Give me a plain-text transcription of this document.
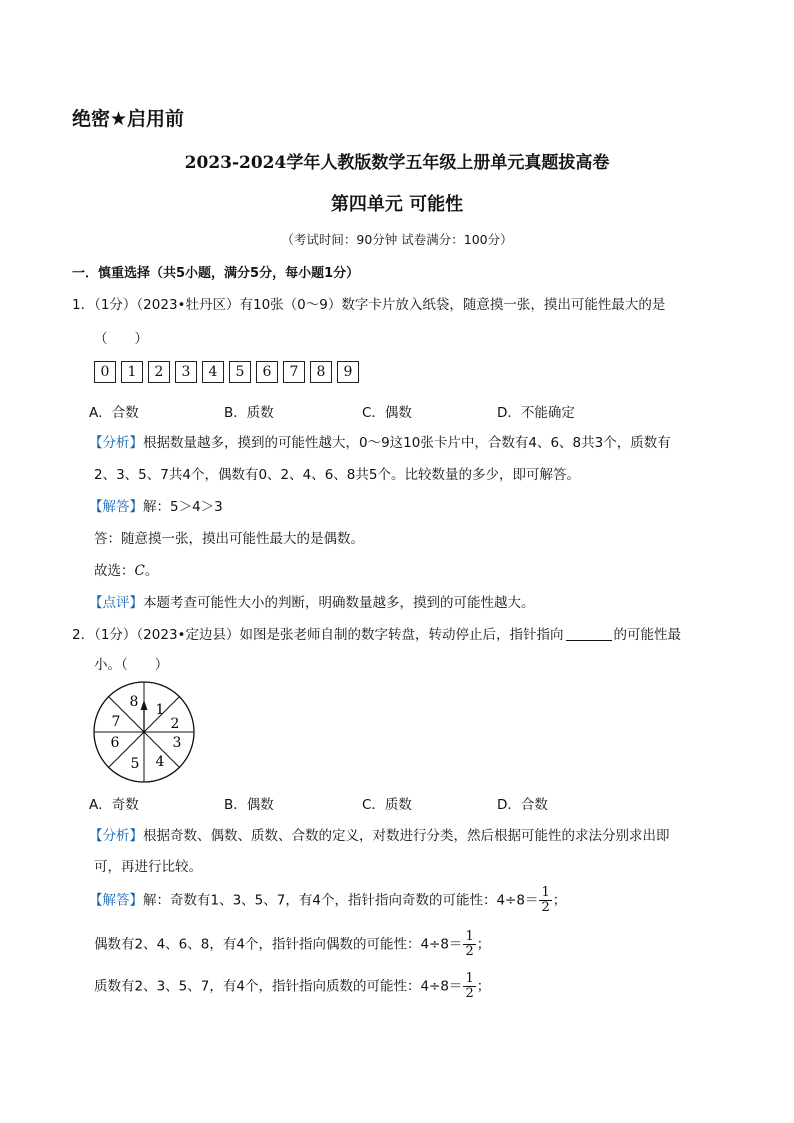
绝密★启用前
2023-2024学年人教版数学五年级上册单元真题拔高卷
第四单元 可能性
（考试时间：90分钟 试卷满分：100分）
一．慎重选择（共5小题，满分5分，每小题1分）
1．（1分）（2023•牡丹区）有10张（0～9）数字卡片放入纸袋，随意摸一张，摸出可能性最大的是
（　　）
0	1	2	3	4	5	6	7	8	9
A．合数	B．质数	C．偶数	D．不能确定
【分析】根据数量越多，摸到的可能性越大，0～9这10张卡片中，合数有4、6、8共3个，质数有
2、3、5、7共4个，偶数有0、2、4、6、8共5个。比较数量的多少，即可解答。
【解答】解：5＞4＞3
答：随意摸一张，摸出可能性最大的是偶数。
故选：C。
【点评】本题考查可能性大小的判断，明确数量越多，摸到的可能性越大。
2．（1分）（2023•定边县）如图是张老师自制的数字转盘，转动停止后，指针指向	的可能性最
小。（　　）
1
2
3
4
5
6
7
8
A．奇数	B．偶数	C．质数	D．合数
【分析】根据奇数、偶数、质数、合数的定义，对数进行分类，然后根据可能性的求法分别求出即
可，再进行比较。
【解答】解：奇数有1、3、5、7，有4个，指针指向奇数的可能性：$4\div 8= \frac{1}{2}$ ；
偶数有2、4、6、8，有4个，指针指向偶数的可能性：$4\div 8= \frac{1}{2}$ ；
质数有2、3、5、7，有4个，指针指向质数的可能性：$4\div 8= \frac{1}{2}$ ；
